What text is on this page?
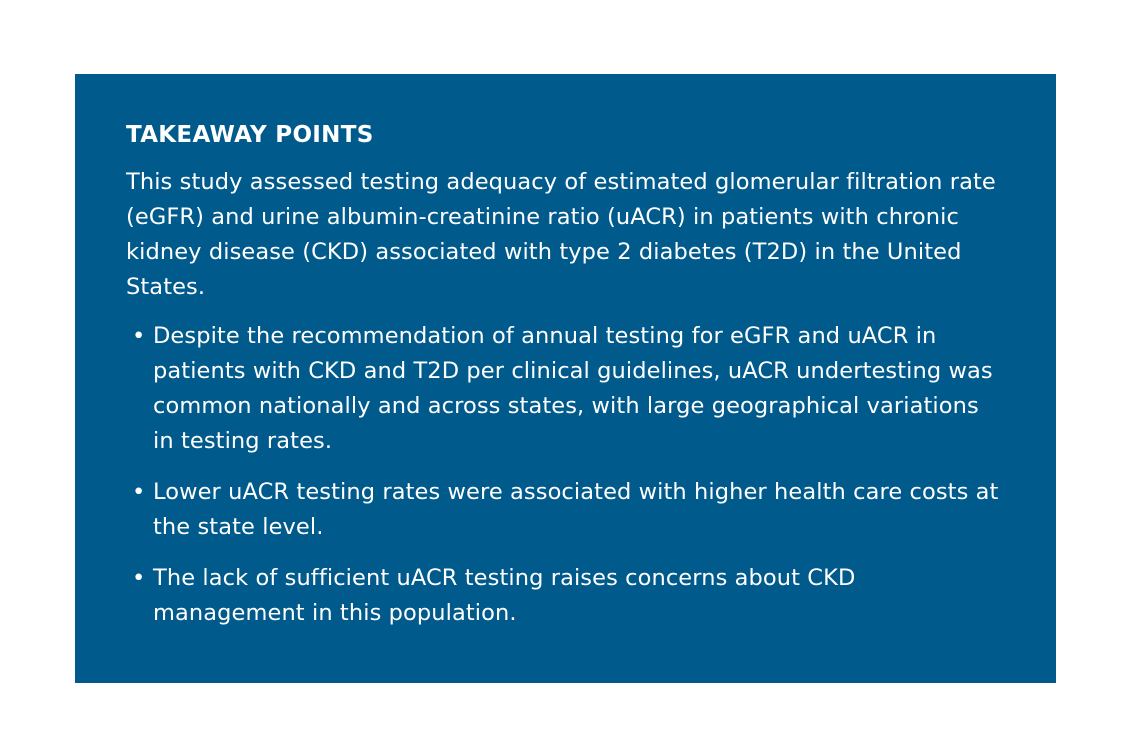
TAKEAWAY POINTS
This study assessed testing adequacy of estimated glomerular filtration rate (eGFR) and urine albumin-creatinine ratio (uACR) in patients with chronic kidney disease (CKD) associated with type 2 diabetes (T2D) in the United States.
• Despite the recommendation of annual testing for eGFR and uACR in patients with CKD and T2D per clinical guidelines, uACR undertesting was common nationally and across states, with large geographical variations in testing rates.
• Lower uACR testing rates were associated with higher health care costs at the state level.
• The lack of sufficient uACR testing raises concerns about CKD management in this population.
